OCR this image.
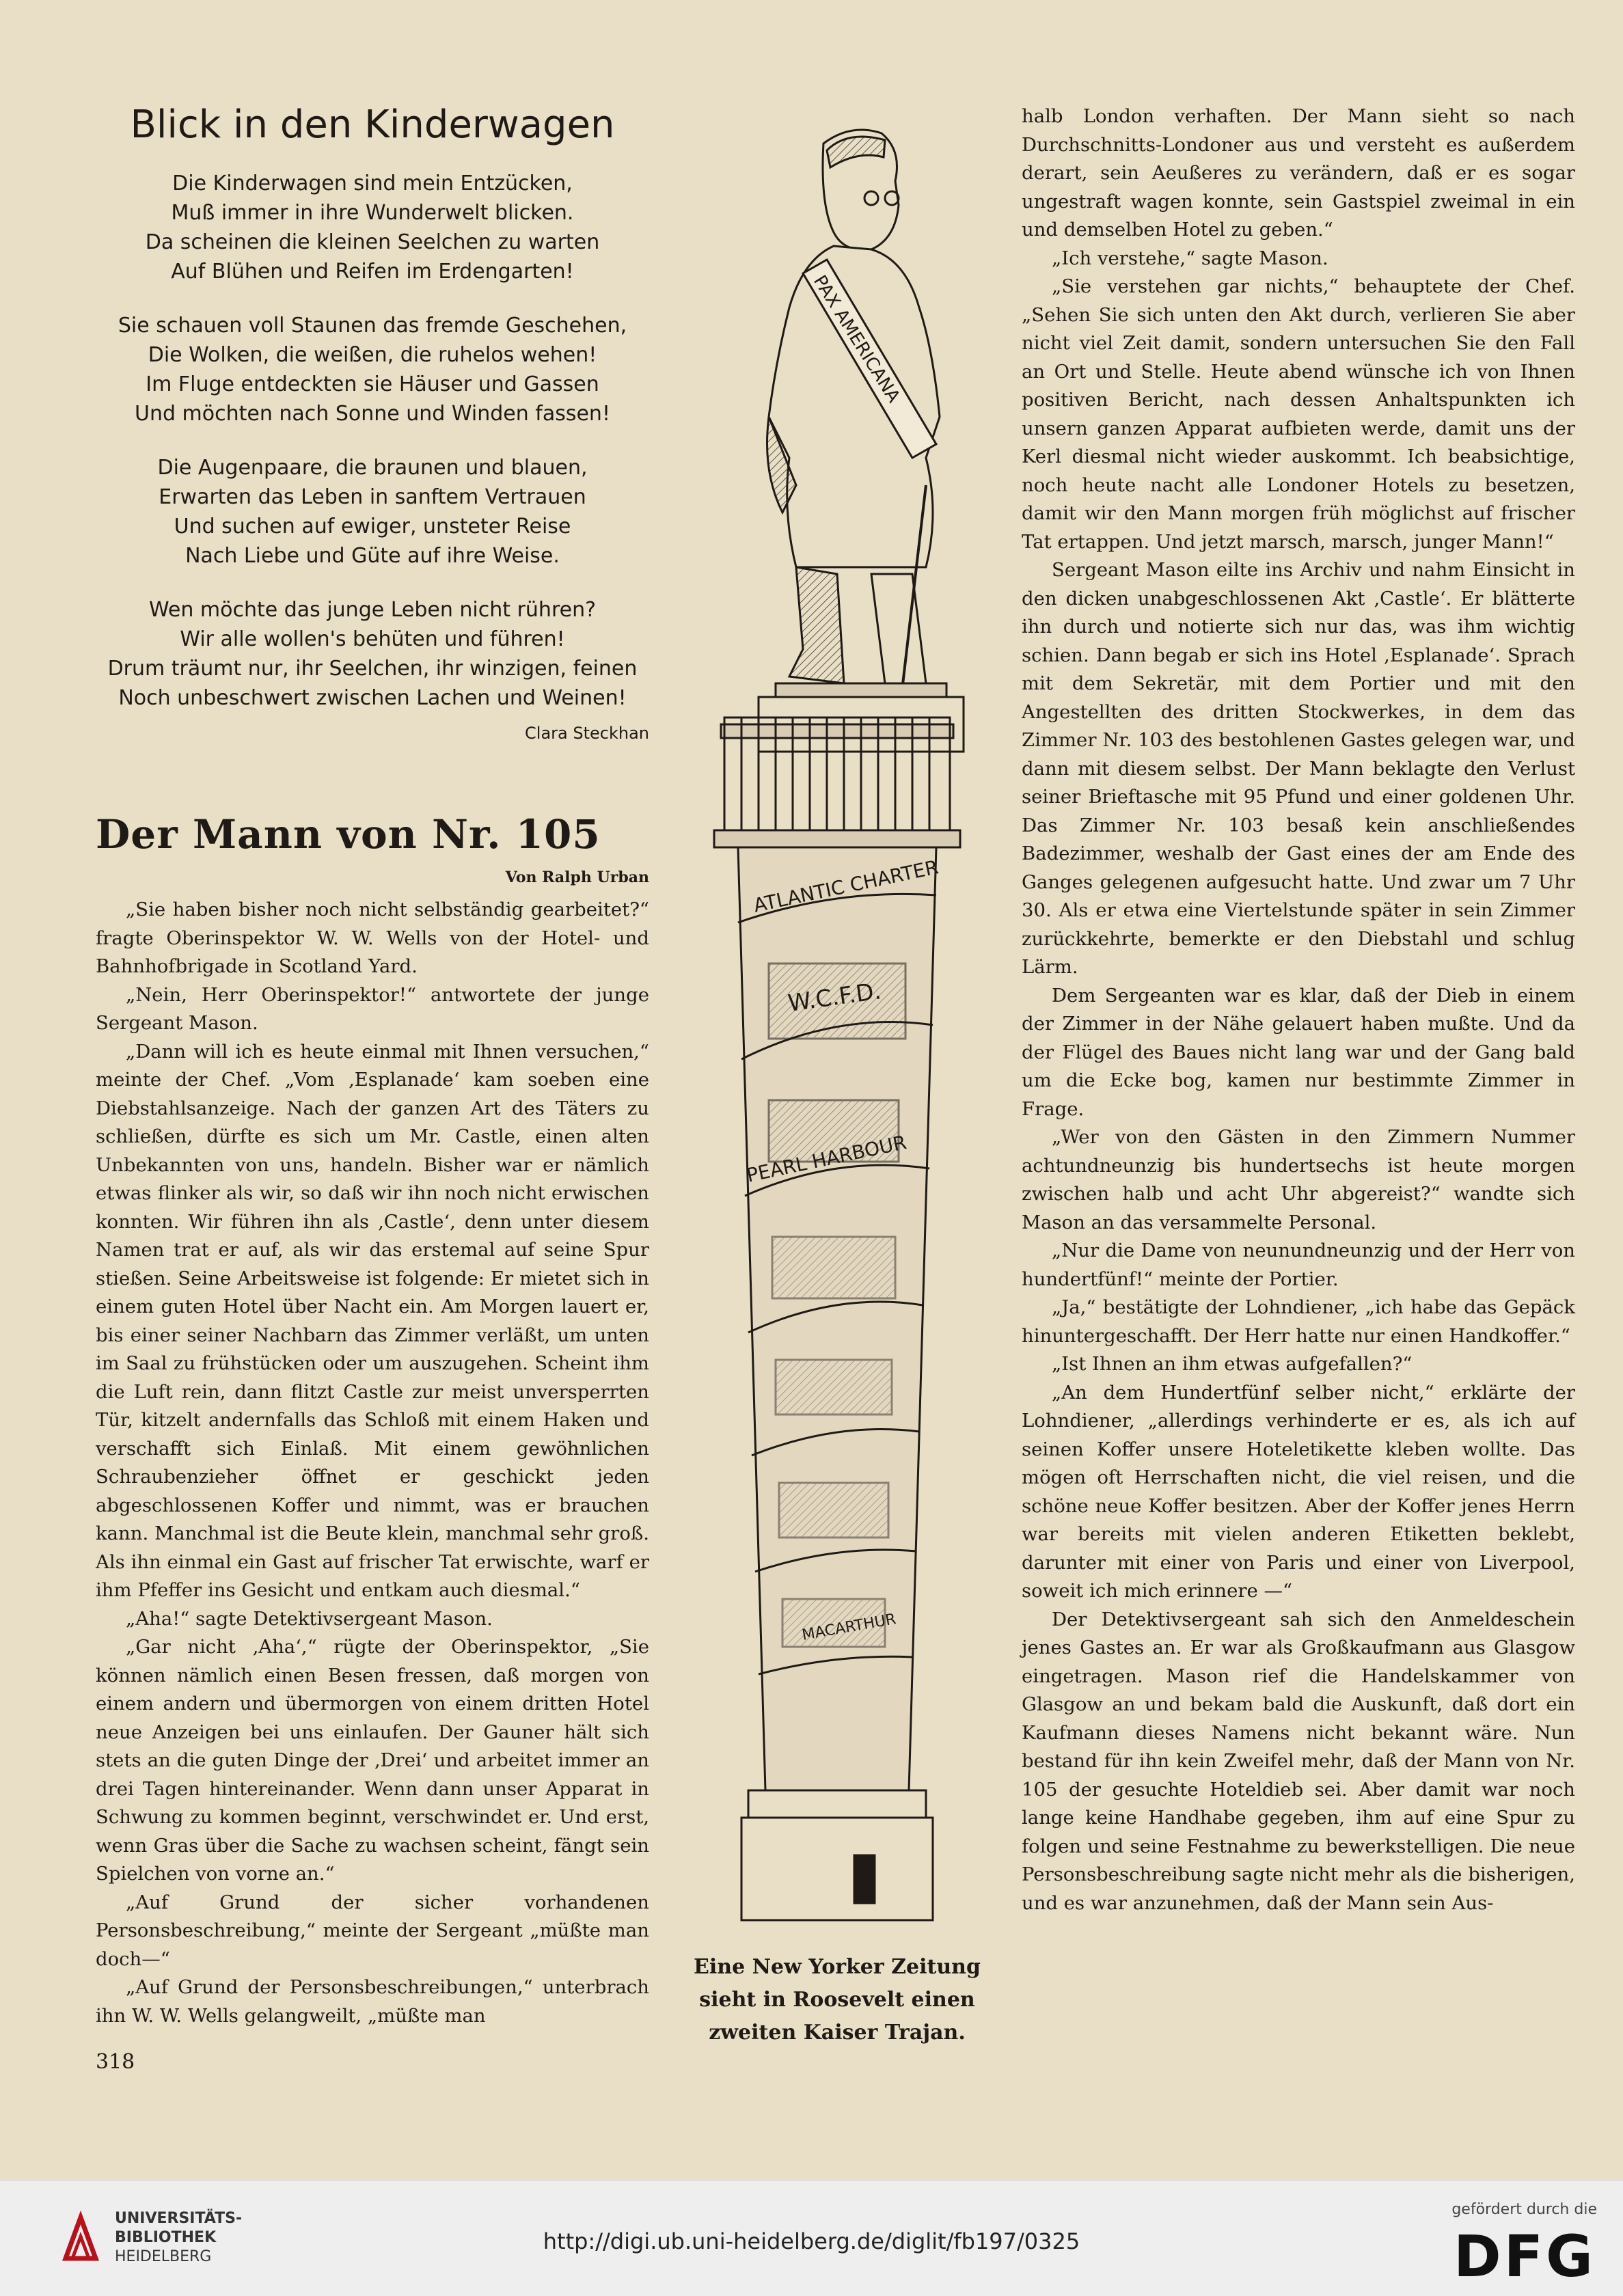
Blick in den Kinderwagen
Die Kinderwagen sind mein Entzücken,
Muß immer in ihre Wunderwelt blicken.
Da scheinen die kleinen Seelchen zu warten
Auf Blühen und Reifen im Erdengarten!
Sie schauen voll Staunen das fremde Geschehen,
Die Wolken, die weißen, die ruhelos wehen!
Im Fluge entdeckten sie Häuser und Gassen
Und möchten nach Sonne und Winden fassen!
Die Augenpaare, die braunen und blauen,
Erwarten das Leben in sanftem Vertrauen
Und suchen auf ewiger, unsteter Reise
Nach Liebe und Güte auf ihre Weise.
Wen möchte das junge Leben nicht rühren?
Wir alle wollen's behüten und führen!
Drum träumt nur, ihr Seelchen, ihr winzigen, feinen
Noch unbeschwert zwischen Lachen und Weinen!
Clara Steckhan
Der Mann von Nr. 105
Von Ralph Urban

„Sie haben bisher noch nicht selbständig gearbeitet?“ fragte Oberinspektor W. W. Wells von der Hotel- und Bahnhofbrigade in Scotland Yard.

„Nein, Herr Oberinspektor!“ antwortete der junge Sergeant Mason.

„Dann will ich es heute einmal mit Ihnen versuchen,“ meinte der Chef. „Vom ‚Esplanade‘ kam soeben eine Diebstahlsanzeige. Nach der ganzen Art des Täters zu schließen, dürfte es sich um Mr. Castle, einen alten Unbekannten von uns, handeln. Bisher war er nämlich etwas flinker als wir, so daß wir ihn noch nicht erwischen konnten. Wir führen ihn als ‚Castle‘, denn unter diesem Namen trat er auf, als wir das erstemal auf seine Spur stießen. Seine Arbeitsweise ist folgende: Er mietet sich in einem guten Hotel über Nacht ein. Am Morgen lauert er, bis einer seiner Nachbarn das Zimmer verläßt, um unten im Saal zu frühstücken oder um auszugehen. Scheint ihm die Luft rein, dann flitzt Castle zur meist unversperrten Tür, kitzelt andernfalls das Schloß mit einem Haken und verschafft sich Einlaß. Mit einem gewöhnlichen Schraubenzieher öffnet er geschickt jeden abgeschlossenen Koffer und nimmt, was er brauchen kann. Manchmal ist die Beute klein, manchmal sehr groß. Als ihn einmal ein Gast auf frischer Tat erwischte, warf er ihm Pfeffer ins Gesicht und entkam auch diesmal.“

„Aha!“ sagte Detektivsergeant Mason.

„Gar nicht ‚Aha‘,“ rügte der Oberinspektor, „Sie können nämlich einen Besen fressen, daß morgen von einem andern und übermorgen von einem dritten Hotel neue Anzeigen bei uns einlaufen. Der Gauner hält sich stets an die guten Dinge der ‚Drei‘ und arbeitet immer an drei Tagen hintereinander. Wenn dann unser Apparat in Schwung zu kommen beginnt, verschwindet er. Und erst, wenn Gras über die Sache zu wachsen scheint, fängt sein Spielchen von vorne an.“

„Auf Grund der sicher vorhandenen Personsbeschreibung,“ meinte der Sergeant „müßte man doch—“

„Auf Grund der Personsbeschreibungen,“ unterbrach ihn W. W. Wells gelangweilt, „müßte man

PAX AMERICANA
ATLANTIC CHARTER
W.C.F.D.
PEARL HARBOUR
MACARTHUR
Eine New Yorker Zeitung
sieht in Roosevelt einen
zweiten Kaiser Trajan.

halb London verhaften. Der Mann sieht so nach Durchschnitts-Londoner aus und versteht es außerdem derart, sein Aeußeres zu verändern, daß er es sogar ungestraft wagen konnte, sein Gastspiel zweimal in ein und demselben Hotel zu geben.“

„Ich verstehe,“ sagte Mason.

„Sie verstehen gar nichts,“ behauptete der Chef. „Sehen Sie sich unten den Akt durch, verlieren Sie aber nicht viel Zeit damit, sondern untersuchen Sie den Fall an Ort und Stelle. Heute abend wünsche ich von Ihnen positiven Bericht, nach dessen Anhaltspunkten ich unsern ganzen Apparat aufbieten werde, damit uns der Kerl diesmal nicht wieder auskommt. Ich beabsichtige, noch heute nacht alle Londoner Hotels zu besetzen, damit wir den Mann morgen früh möglichst auf frischer Tat ertappen. Und jetzt marsch, marsch, junger Mann!“

Sergeant Mason eilte ins Archiv und nahm Einsicht in den dicken unabgeschlossenen Akt ‚Castle‘. Er blätterte ihn durch und notierte sich nur das, was ihm wichtig schien. Dann begab er sich ins Hotel ‚Esplanade‘. Sprach mit dem Sekretär, mit dem Portier und mit den Angestellten des dritten Stockwerkes, in dem das Zimmer Nr. 103 des bestohlenen Gastes gelegen war, und dann mit diesem selbst. Der Mann beklagte den Verlust seiner Brieftasche mit 95 Pfund und einer goldenen Uhr. Das Zimmer Nr. 103 besaß kein anschließendes Badezimmer, weshalb der Gast eines der am Ende des Ganges gelegenen aufgesucht hatte. Und zwar um 7 Uhr 30. Als er etwa eine Viertelstunde später in sein Zimmer zurückkehrte, bemerkte er den Diebstahl und schlug Lärm.

Dem Sergeanten war es klar, daß der Dieb in einem der Zimmer in der Nähe gelauert haben mußte. Und da der Flügel des Baues nicht lang war und der Gang bald um die Ecke bog, kamen nur bestimmte Zimmer in Frage.

„Wer von den Gästen in den Zimmern Nummer achtundneunzig bis hundertsechs ist heute morgen zwischen halb und acht Uhr abgereist?“ wandte sich Mason an das versammelte Personal.

„Nur die Dame von neunundneunzig und der Herr von hundertfünf!“ meinte der Portier.

„Ja,“ bestätigte der Lohndiener, „ich habe das Gepäck hinuntergeschafft. Der Herr hatte nur einen Handkoffer.“

„Ist Ihnen an ihm etwas aufgefallen?“

„An dem Hundertfünf selber nicht,“ erklärte der Lohndiener, „allerdings verhinderte er es, als ich auf seinen Koffer unsere Hoteletikette kleben wollte. Das mögen oft Herrschaften nicht, die viel reisen, und die schöne neue Koffer besitzen. Aber der Koffer jenes Herrn war bereits mit vielen anderen Etiketten beklebt, darunter mit einer von Paris und einer von Liverpool, soweit ich mich erinnere —“

Der Detektivsergeant sah sich den Anmeldeschein jenes Gastes an. Er war als Großkaufmann aus Glasgow eingetragen. Mason rief die Handelskammer von Glasgow an und bekam bald die Auskunft, daß dort ein Kaufmann dieses Namens nicht bekannt wäre. Nun bestand für ihn kein Zweifel mehr, daß der Mann von Nr. 105 der gesuchte Hoteldieb sei. Aber damit war noch lange keine Handhabe gegeben, ihm auf eine Spur zu folgen und seine Festnahme zu bewerkstelligen. Die neue Personsbeschreibung sagte nicht mehr als die bisherigen, und es war anzunehmen, daß der Mann sein Aus-

318
UNIVERSITÄTS-
BIBLIOTHEK
HEIDELBERG
http://digi.ub.uni-heidelberg.de/diglit/fb197/0325
gefördert durch die
DFG
